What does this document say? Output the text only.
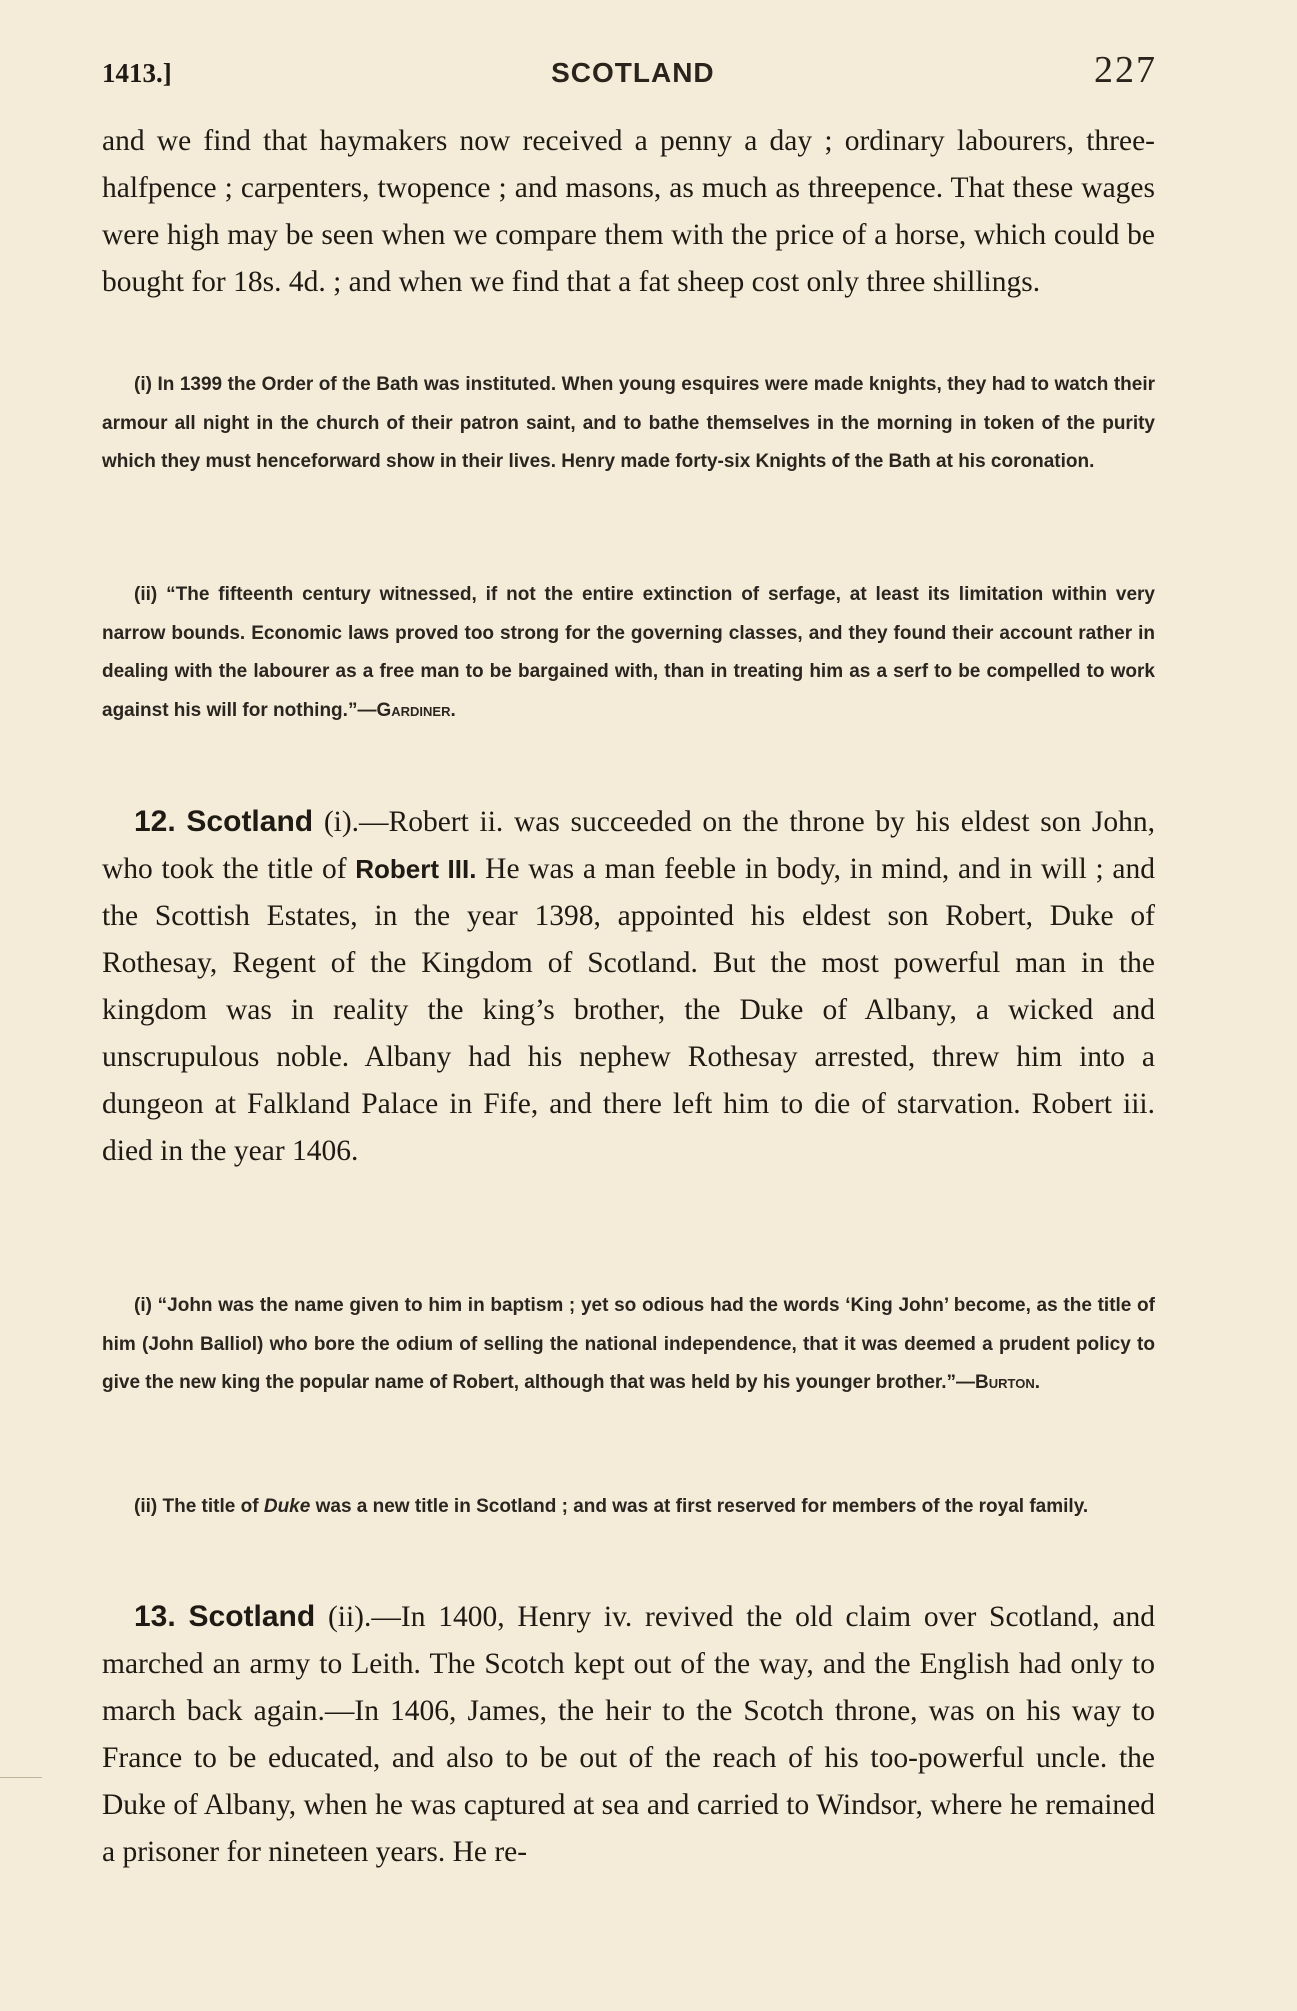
1413.]	SCOTLAND	227

and we find that haymakers now received a penny a day ; ordinary labourers, three-halfpence ; carpenters, twopence ; and masons, as much as threepence. That these wages were high may be seen when we compare them with the price of a horse, which could be bought for 18s. 4d. ; and when we find that a fat sheep cost only three shillings.

(i) In 1399 the Order of the Bath was instituted. When young esquires were made knights, they had to watch their armour all night in the church of their patron saint, and to bathe themselves in the morning in token of the purity which they must henceforward show in their lives. Henry made forty-six Knights of the Bath at his coronation.

(ii) “The fifteenth century witnessed, if not the entire extinction of serfage, at least its limitation within very narrow bounds. Economic laws proved too strong for the governing classes, and they found their account rather in dealing with the labourer as a free man to be bargained with, than in treating him as a serf to be compelled to work against his will for nothing.”—Gardiner.

12. Scotland (i).—Robert ii. was succeeded on the throne by his eldest son John, who took the title of Robert III. He was a man feeble in body, in mind, and in will ; and the Scottish Estates, in the year 1398, appointed his eldest son Robert, Duke of Rothesay, Regent of the Kingdom of Scotland. But the most powerful man in the kingdom was in reality the king’s brother, the Duke of Albany, a wicked and unscrupulous noble. Albany had his nephew Rothesay arrested, threw him into a dungeon at Falkland Palace in Fife, and there left him to die of starvation. Robert iii. died in the year 1406.

(i) “John was the name given to him in baptism ; yet so odious had the words ‘King John’ become, as the title of him (John Balliol) who bore the odium of selling the national independence, that it was deemed a prudent policy to give the new king the popular name of Robert, although that was held by his younger brother.”—Burton.

(ii) The title of Duke was a new title in Scotland ; and was at first reserved for members of the royal family.

13. Scotland (ii).—In 1400, Henry iv. revived the old claim over Scotland, and marched an army to Leith. The Scotch kept out of the way, and the English had only to march back again.—In 1406, James, the heir to the Scotch throne, was on his way to France to be educated, and also to be out of the reach of his too-powerful uncle. the Duke of Albany, when he was captured at sea and carried to Windsor, where he remained a prisoner for nineteen years. He re-
